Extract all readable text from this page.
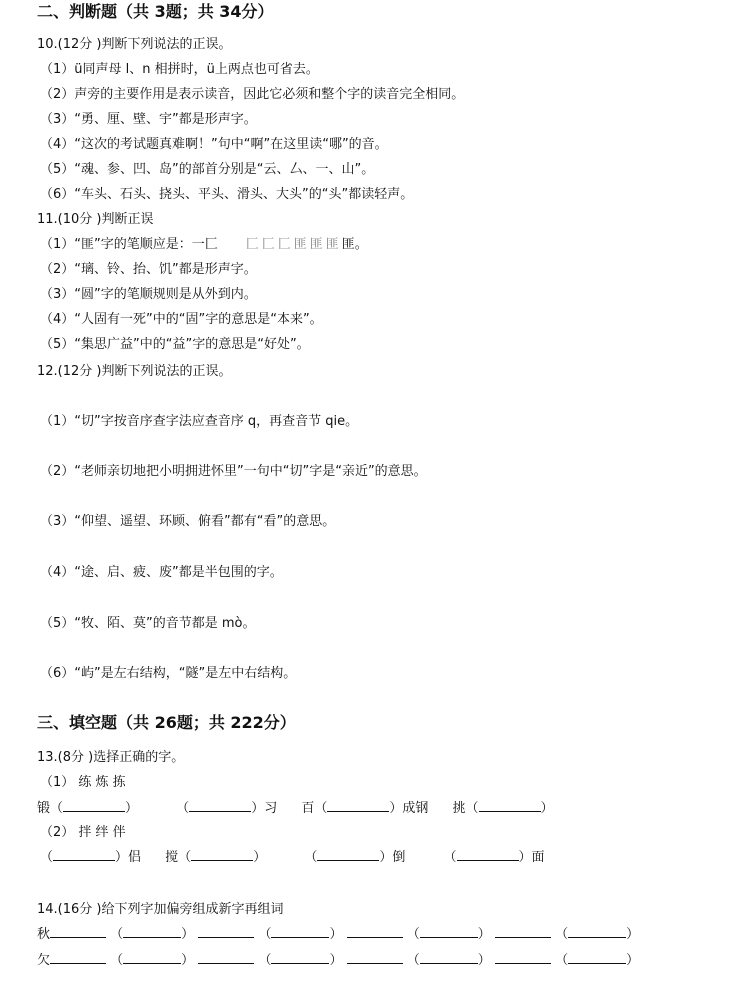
二、判断题（共 3题；共 34分）
10.(12分 )判断下列说法的正误。
（1）ü同声母 l、n 相拼时，ü上两点也可省去。
（2）声旁的主要作用是表示读音，因此它必须和整个字的读音完全相同。
（3）“勇、厘、壁、宇”都是形声字。
（4）“这次的考试题真难啊！”句中“啊”在这里读“哪”的音。
（5）“魂、参、凹、岛”的部首分别是“云、厶、一、山”。
（6）“车头、石头、挠头、平头、滑头、大头”的“头”都读轻声。
11.(10分 )判断正误
（1）“匪”字的笔顺应是：一匚 匚匚匚匪匪匪匪。
（2）“璃、铃、抬、饥”都是形声字。
（3）“圆”字的笔顺规则是从外到内。
（4）“人固有一死”中的“固”字的意思是“本来”。
（5）“集思广益”中的“益”字的意思是“好处”。
12.(12分 )判断下列说法的正误。
（1）“切”字按音序查字法应查音序 q，再查音节 qie。
（2）“老师亲切地把小明拥进怀里”一句中“切”字是“亲近”的意思。
（3）“仰望、遥望、环顾、俯看”都有“看”的意思。
（4）“途、启、疲、废”都是半包围的字。
（5）“牧、陌、莫”的音节都是 mò。
（6）“屿”是左右结构，“隧”是左中右结构。
三、填空题（共 26题；共 222分）
13.(8分 )选择正确的字。
（1） 练 炼 拣
锻（	）	（	）习 百（	）成钢 挑（	）
（2） 拌 绊 伴
（	）侣 搅（	）	（	）倒	（	）面
14.(16分 )给下列字加偏旁组成新字再组词
秋	（	）	（	）	（	）	（	）
欠	（	）	（	）	（	）	（	）
